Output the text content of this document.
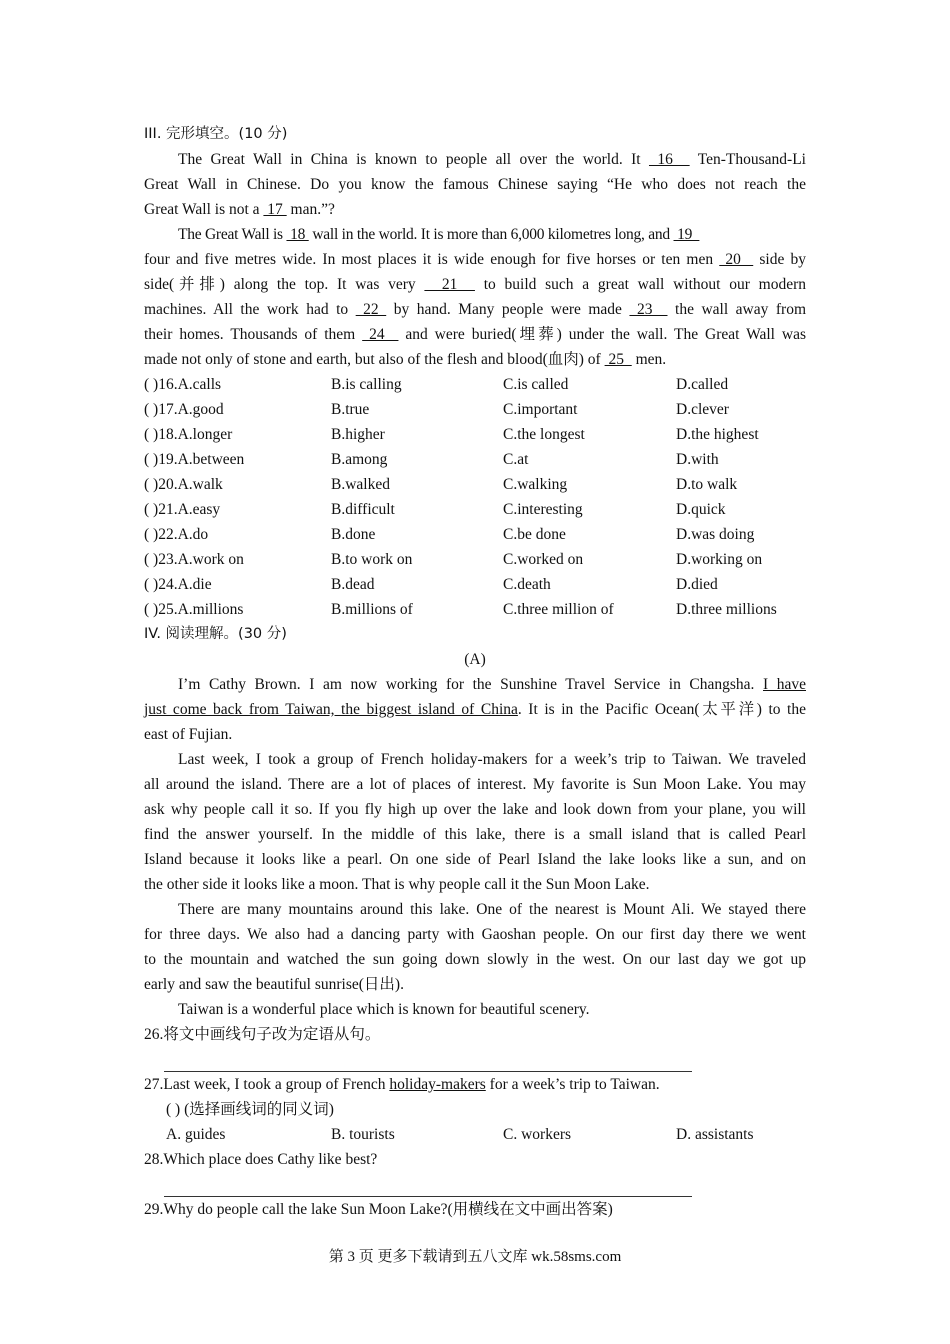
III. 完形填空。(10 分)
The Great Wall in China is known to people all over the world. It  16   Ten-Thousand-Li
Great Wall in Chinese. Do you know the famous Chinese saying “He who does not reach the
Great Wall is not a  17  man.”?
The Great Wall is  18  wall in the world. It is more than 6,000 kilometres long, and  19
four and five metres wide. In most places it is wide enough for five horses or ten men  20   side by
side(并排) along the top. It was very   21   to build such a great wall without our modern
machines. All the work had to  22  by hand. Many people were made  23   the wall away from
their homes. Thousands of them  24   and were buried(埋葬) under the wall. The Great Wall was
made not only of stone and earth, but also of the flesh and blood(血肉) of  25   men.
( )16.A.calls	B.is calling	C.is called	D.called
( )17.A.good	B.true	C.important	D.clever
( )18.A.longer	B.higher	C.the longest	D.the highest
( )19.A.between	B.among	C.at	D.with
( )20.A.walk	B.walked	C.walking	D.to walk
( )21.A.easy	B.difficult	C.interesting	D.quick
( )22.A.do	B.done	C.be done	D.was doing
( )23.A.work on	B.to work on	C.worked on	D.working on
( )24.A.die	B.dead	C.death	D.died
( )25.A.millions	B.millions of	C.three million of	D.three millions
IV. 阅读理解。(30 分)
(A)
I’m Cathy Brown. I am now working for the Sunshine Travel Service in Changsha. I have
just come back from Taiwan, the biggest island of China. It is in the Pacific Ocean(太平洋) to the
east of Fujian.
Last week, I took a group of French holiday-makers for a week’s trip to Taiwan. We traveled
all around the island. There are a lot of places of interest. My favorite is Sun Moon Lake. You may
ask why people call it so. If you fly high up over the lake and look down from your plane, you will
find the answer yourself. In the middle of this lake, there is a small island that is called Pearl
Island because it looks like a pearl. On one side of Pearl Island the lake looks like a sun, and on
the other side it looks like a moon. That is why people call it the Sun Moon Lake.
There are many mountains around this lake. One of the nearest is Mount Ali. We stayed there
for three days. We also had a dancing party with Gaoshan people. On our first day there we went
to the mountain and watched the sun going down slowly in the west. On our last day we got up
early and saw the beautiful sunrise(日出).
Taiwan is a wonderful place which is known for beautiful scenery.
26.将文中画线句子改为定语从句。
27.Last week, I took a group of French holiday-makers for a week’s trip to Taiwan.
( ) (选择画线词的同义词)
A. guides	B. tourists	C. workers	D. assistants
28.Which place does Cathy like best?
29.Why do people call the lake Sun Moon Lake?(用横线在文中画出答案)
第 3 页 更多下载请到五八文库 wk.58sms.com
